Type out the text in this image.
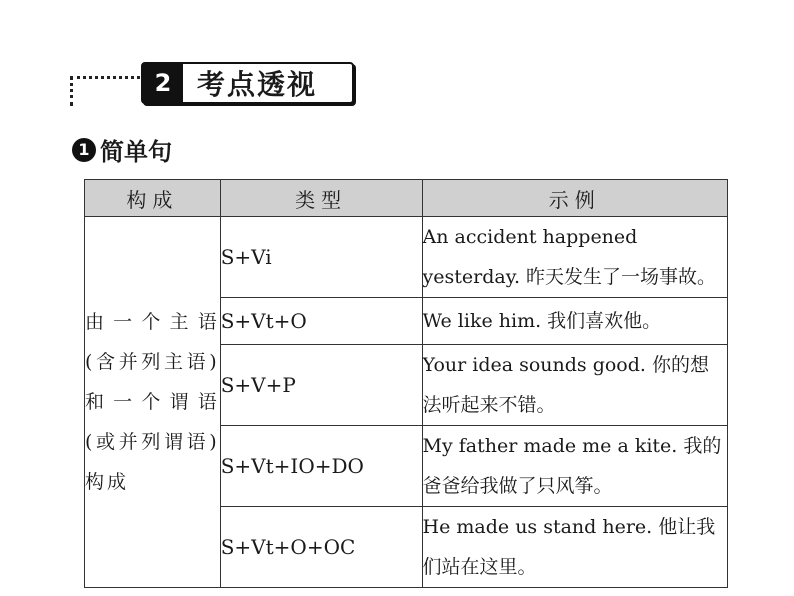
2 考点透视
1 简单句
构成	类型	示例
由一个主语(含并列主语)和一个谓语(或并列谓语)构成	S+Vi	An accident happened yesterday. 昨天发生了一场事故。
	S+Vt+O	We like him. 我们喜欢他。
	S+V+P	Your idea sounds good. 你的想法听起来不错。
	S+Vt+IO+DO	My father made me a kite. 我的爸爸给我做了只风筝。
	S+Vt+O+OC	He made us stand here. 他让我们站在这里。
